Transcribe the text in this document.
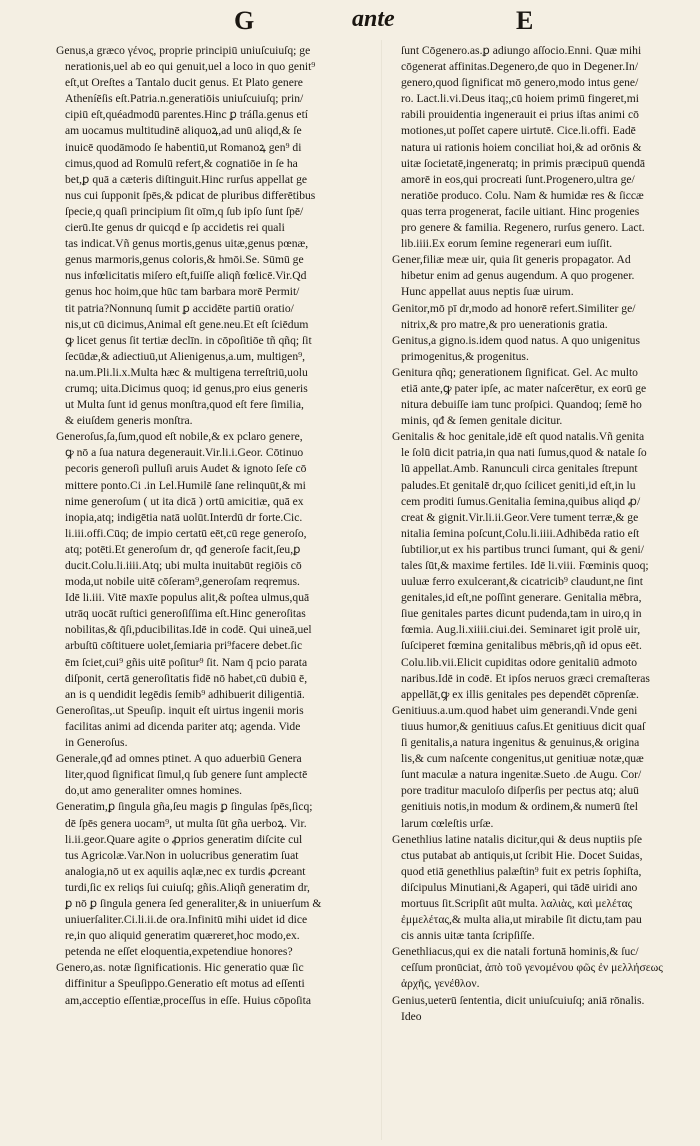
G	ante	E
Genus,a græco γένος, proprie principiū uniuſcuiuſq; ge
nerationis,uel ab eo qui genuit,uel a loco in quo genit⁹
eſt,ut Oreſtes a Tantalo ducit genus. Et Plato genere
Atheníēſis eſt.Patria.n.generatiōis uniuſcuiuſq; prin/
cipiū eſt,quéadmodū parentes.Hinc ꝑ tráſla.genus etí
am uocamus multitudinē aliquoꝝ,ad unū aliqd,& ſe
inuicē quodāmodo ſe habentiū,ut Romanoꝝ gen⁹ di
cimus,quod ad Romulū refert,& cognatiōe in ſe ha
bet,ꝑ quā a cæteris diſtinguit.Hinc rurſus appellat ge
nus cui ſupponit ſpēs,& pdicat de pluribus differētibus
ſpecie,q quaſi principium ſit oīm,q ſub ipſo ſunt ſpē/
cierū.Ite genus dr quicqd e ſp accidetis rei quali
tas indicat.Vñ genus mortis,genus uitæ,genus pœnæ,
genus marmoris,genus coloris,& hmōi.Se. Sūmū ge
nus infœlicitatis miſero eſt,fuiſſe aliqñ fœlicē.Vir.Qd
genus hoc hoim,que hūc tam barbara morē Permit/
tit patria?Nonnunq ſumit ꝑ accidēte partiū oratio/
nis,ut cū dicimus,Animal eſt gene.neu.Et eſt ſciēdum
ꝙ licet genus ſit tertiæ declīn. in cōpoſitiōe tñ qñq; ſit
ſecūdæ,& adiectiuū,ut Alienigenus,a.um, multigen⁹,
na.um.Pli.li.x.Multa hæc & multigena terreſtriū,uolu
crumq; uita.Dicimus quoq; id genus,pro eius generis
ut Multa ſunt id genus monſtra,quod eſt fere ſimilia,
& eiuſdem generis monſtra.
Generoſus,ſa,ſum,quod eſt nobile,& ex pclaro genere,
ꝙ nō a ſua natura degenerauit.Vir.li.i.Geor. Cōtinuo
pecoris generoſi pulluſi aruis Audet & ignoto ſeſe cō
mittere ponto.Ci .in Lel.Humilē ſane relinquūt,& mi
nime generoſum ( ut ita dicā ) ortū amicitiæ, quā ex
inopia,atq; indigētia natā uolūt.Interdū dr forte.Cic.
li.iii.offi.Cūq; de impio certatū eēt,cū rege generoſo,
atq; potēti.Et generoſum dr, qđ generoſe facit,ſeu,ꝑ
ducit.Colu.li.iiii.Atq; ubi multa inuitabūt regiōis cō
moda,ut nobile uitē cōſeram⁹,generoſam reqremus.
Idē li.iii. Vitē maxīe populus alit,& poſtea ulmus,quā
utrāq uocāt ruſtici generoſiſſima eſt.Hinc generoſitas
nobilitas,& q̄ſi,pducibilitas.Idē in codē. Qui uineā,uel
arbuſtū cōſtituere uolet,ſemiaria pri⁹facere debet.ſic
ēm ſciet,cui⁹ gñis uitē poſitur⁹ ſit. Nam q̄ pcio parata
diſponit, certā generoſitatis fidē nō habet,cū dubiū ē,
an is q uendidit legēdis ſemib⁹ adhibuerit diligentiā.
Generoſitas,.ut Speuſip. inquit eſt uirtus ingenii moris
facilitas animi ad dicenda pariter atq; agenda. Vide
in Generoſus.
Generale,qđ ad omnes ptinet. A quo aduerbiū Genera
liter,quod ſignificat ſimul,q ſub genere ſunt amplectē
do,ut amo generaliter omnes homines.
Generatim,ꝑ ſingula gña,ſeu magis ꝑ ſingulas ſpēs,ſicq;
dē ſpēs genera uocam⁹, ut multa ſūt gña uerboꝝ. Vir.
li.ii.geor.Quare agite o ꝓprios generatim diſcite cul
tus Agricolæ.Var.Non in uolucribus generatim ſuat
analogia,nō ut ex aquilis aqlæ,nec ex turdis ꝓcreant
turdi,ſic ex reliqs ſui cuiuſq; gñis.Aliqñ generatim dr,
ꝑ nō ꝑ ſingula genera ſed generaliter,& in uniuerſum &
uniuerſaliter.Ci.li.ii.de ora.Infinitū mihi uidet id dice
re,in quo aliquid generatim quæreret,hoc modo,ex.
petenda ne eſſet eloquentia,expetendiue honores?
Genero,as. notæ ſignificationis. Hic generatio quæ ſic
diffinitur a Speuſippo.Generatio eſt motus ad eſſenti
am,acceptio eſſentiæ,proceſſus in eſſe. Huius cōpoſita
ſunt Cōgenero.as.ꝑ adiungo aſſocio.Enni. Quæ mihi
cōgenerat affinitas.Degenero,de quo in Degener.In/
genero,quod ſignificat mō genero,modo intus gene/
ro. Lact.li.vi.Deus itaq;,cū hoiem primū fingeret,mi
rabili prouidentia ingenerauit ei prius iſtas animi cō
motiones,ut poſſet capere uirtutē. Cice.li.offi. Eadē
natura ui rationis hoiem conciliat hoi,& ad orōnis &
uitæ ſocietatē,ingeneratq; in primis præcipuū quendā
amorē in eos,qui procreati ſunt.Progenero,ultra ge/
neratiōe produco. Colu. Nam & humidæ res & ſiccæ
quas terra progenerat, facile uitiant. Hinc progenies
pro genere & familia. Regenero, rurſus genero. Lact.
lib.iiii.Ex eorum ſemine regenerari eum iuſſit.
Gener,filiæ meæ uir, quia ſit generis propagator. Ad
hibetur enim ad genus augendum. A quo progener.
Hunc appellat auus neptis ſuæ uirum.
Genitor,mō pī dr,modo ad honorē refert.Similiter ge/
nitrix,& pro matre,& pro uenerationis gratia.
Genitus,a gigno.is.idem quod natus. A quo unigenitus
primogenitus,& progenitus.
Genitura qñq; generationem ſignificat. Gel. Ac multo
etiā ante,ꝙ pater ipſe, ac mater naſcerētur, ex eorū ge
nitura debuiſſe iam tunc proſpici. Quandoq; ſemē ho
minis, qđ & ſemen genitale dicitur.
Genitalis & hoc genitale,idē eſt quod natalis.Vñ genita
le ſolū dicit patria,in qua nati ſumus,quod & natale ſo
lū appellat.Amb. Ranunculi circa genitales ſtrepunt
paludes.Et genitalē dr,quo ſcilicet geniti,id eſt,in lu
cem proditi ſumus.Genitalia ſemina,quibus aliqd ꝓ/
creat & gignit.Vir.li.ii.Geor.Vere tument terræ,& ge
nitalia ſemina poſcunt,Colu.li.iiii.Adhibēda ratio eſt
ſubtilior,ut ex his partibus trunci ſumant, qui & geni/
tales ſūt,& maxime fertiles. Idē li.viii. Fœminis quoq;
uuluæ ferro exulcerant,& cicatricib⁹ claudunt,ne ſint
genitales,id eſt,ne poſſint generare. Genitalia mēbra,
ſiue genitales partes dicunt pudenda,tam in uiro,q in
fœmia. Aug.li.xiiii.ciui.dei. Seminaret igit prolē uir,
ſuſciperet fœmina genitalibus mēbris,qñ id opus eēt.
Colu.lib.vii.Elicit cupiditas odore genitaliū admoto
naribus.Idē in codē. Et ipſos neruos græci cremaſteras
appellāt,ꝙ ex illis genitales pes dependēt cōprenſæ.
Genitiuus.a.um.quod habet uim generandi.Vnde geni
tiuus humor,& genitiuus caſus.Et genitiuus dicit quaſ
ſi genitalis,a natura ingenitus & genuinus,& origina
lis,& cum naſcente congenitus,ut genitiuæ notæ,quæ
ſunt maculæ a natura ingenitæ.Sueto .de Augu. Cor/
pore traditur maculoſo diſperſis per pectus atq; aluū
genitiuis notis,in modum & ordinem,& numerū ſtel
larum cœleſtis urſæ.
Genethlius latine natalis dicitur,qui & deus nuptiis pſe
ctus putabat ab antiquis,ut ſcribit Hie. Docet Suidas,
quod etiā genethlius palæſtin⁹ fuit ex petris ſophiſta,
diſcipulus Minutiani,& Agaperi, qui tādē uiridi ano
mortuus ſit.Scripſit aūt multa. λαλιὰς, καὶ μελέτας
ἐμμελέτας,& multa alia,ut mirabile ſit dictu,tam pau
cis annis uitæ tanta ſcripſiſſe.
Genethliacus,qui ex die natali fortunā hominis,& ſuc/
ceſſum pronūciat, ἀπὸ τοῦ γενομένου φῶς ἐν μελλήσεως
ἀρχῆς, γενέθλον.
Genius,ueterū ſententia, dicit uniuſcuiuſq; aniā rōnalis.
Ideo
